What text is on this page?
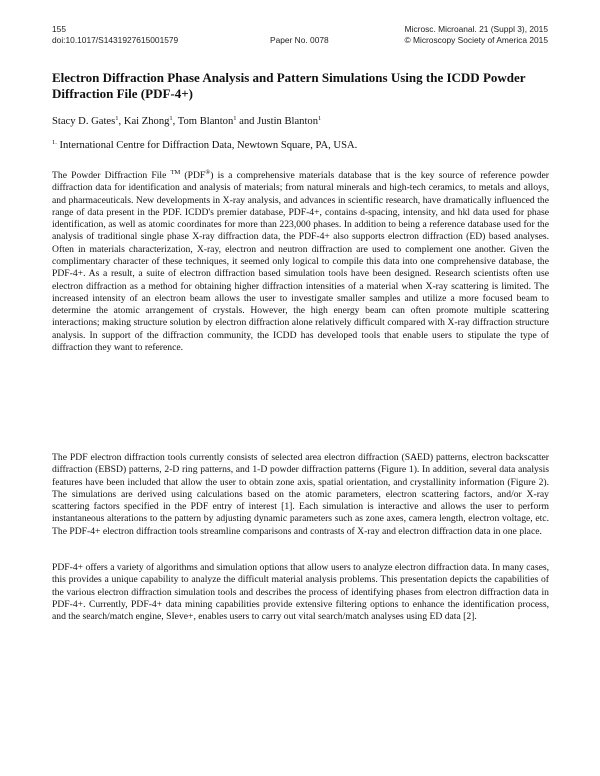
155
doi:10.1017/S1431927615001579	Paper No. 0078
Microsc. Microanal. 21 (Suppl 3), 2015
© Microscopy Society of America 2015
Electron Diffraction Phase Analysis and Pattern Simulations Using the ICDD Powder Diffraction File (PDF-4+)
Stacy D. Gates$^1$, Kai Zhong$^1$, Tom Blanton$^1$ and Justin Blanton$^1$
$^{1.}$ International Centre for Diffraction Data, Newtown Square, PA, USA.

The Powder Diffraction File ™ (PDF®) is a comprehensive materials database that is the key source of reference powder diffraction data for identification and analysis of materials; from natural minerals and high-tech ceramics, to metals and alloys, and pharmaceuticals. New developments in X-ray analysis, and advances in scientific research, have dramatically influenced the range of data present in the PDF. ICDD's premier database, PDF-4+, contains d-spacing, intensity, and hkl data used for phase identification, as well as atomic coordinates for more than 223,000 phases. In addition to being a reference database used for the analysis of traditional single phase X-ray diffraction data, the PDF-4+ also supports electron diffraction (ED) based analyses. Often in materials characterization, X-ray, electron and neutron diffraction are used to complement one another. Given the complimentary character of these techniques, it seemed only logical to compile this data into one comprehensive database, the PDF-4+. As a result, a suite of electron diffraction based simulation tools have been designed. Research scientists often use electron diffraction as a method for obtaining higher diffraction intensities of a material when X-ray scattering is limited. The increased intensity of an electron beam allows the user to investigate smaller samples and utilize a more focused beam to determine the atomic arrangement of crystals. However, the high energy beam can often promote multiple scattering interactions; making structure solution by electron diffraction alone relatively difficult compared with X-ray diffraction structure analysis. In support of the diffraction community, the ICDD has developed tools that enable users to stipulate the type of diffraction they want to reference.

The PDF electron diffraction tools currently consists of selected area electron diffraction (SAED) patterns, electron backscatter diffraction (EBSD) patterns, 2-D ring patterns, and 1-D powder diffraction patterns (Figure 1). In addition, several data analysis features have been included that allow the user to obtain zone axis, spatial orientation, and crystallinity information (Figure 2). The simulations are derived using calculations based on the atomic parameters, electron scattering factors, and/or X-ray scattering factors specified in the PDF entry of interest [1]. Each simulation is interactive and allows the user to perform instantaneous alterations to the pattern by adjusting dynamic parameters such as zone axes, camera length, electron voltage, etc. The PDF-4+ electron diffraction tools streamline comparisons and contrasts of X-ray and electron diffraction data in one place.

PDF-4+ offers a variety of algorithms and simulation options that allow users to analyze electron diffraction data. In many cases, this provides a unique capability to analyze the difficult material analysis problems. This presentation depicts the capabilities of the various electron diffraction simulation tools and describes the process of identifying phases from electron diffraction data in PDF-4+. Currently, PDF-4+ data mining capabilities provide extensive filtering options to enhance the identification process, and the search/match engine, SIeve+, enables users to carry out vital search/match analyses using ED data [2].
